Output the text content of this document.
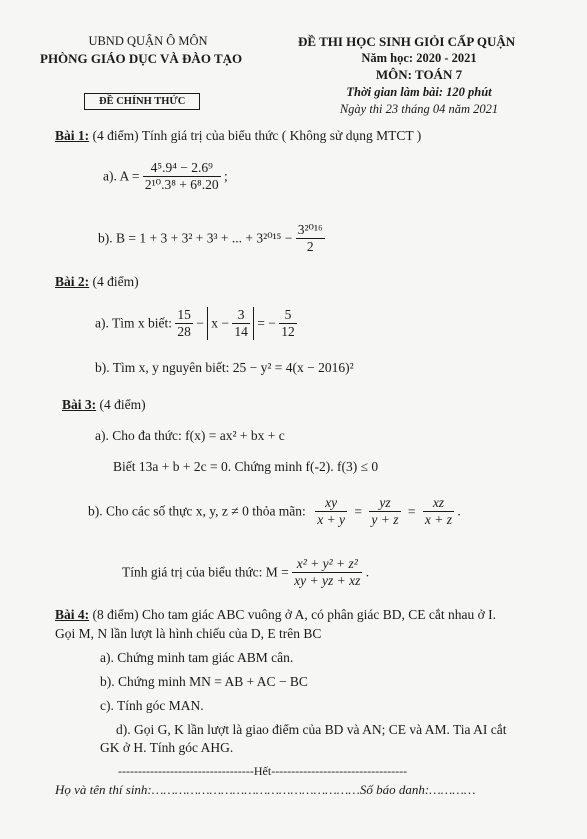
UBND QUẬN Ô MÔN
PHÒNG GIÁO DỤC VÀ ĐÀO TẠO
ĐỀ CHÍNH THỨC
ĐỀ THI HỌC SINH GIỎI CẤP QUẬN
Năm học: 2020 - 2021
MÔN: TOÁN 7
Thời gian làm bài: 120 phút
Ngày thi 23 tháng 04 năm 2021
Bài 1: (4 điểm) Tính giá trị của biểu thức ( Không sử dụng MTCT )
a). $A = \frac{\text{4⁵.9⁴ − 2.6⁹}}{\text{2¹⁰.3⁸ + 6⁸.20}}$ ;
b). B = 1 + 3 + 3² + 3³ + ... + $3^{2015} - \frac{\text{3²⁰¹⁶}}{2}$
Bài 2: (4 điểm)
a). Tìm x biết: $\frac{15}{28} - x - \frac{3}{14}$ = − $\frac{5}{12}$
b). Tìm x, y nguyên biết: 25 − y² = 4(x − 2016)²
Bài 3: (4 điểm)
a). Cho đa thức: f(x) = ax² + bx + c
Biết 13a + b + 2c = 0. Chứng minh f(-2). f(3) ≤ 0
b). Cho các số thực x, y, z ≠ 0 thỏa mãn: $\frac{xy}{x + y} = \frac{yz}{y + z} = \frac{xz}{x + z}$ .
Tính giá trị của biểu thức: $M = \frac{\text{x² + y² + z²}}{xy + yz + xz}$ .
Bài 4: (8 điểm) Cho tam giác ABC vuông ở A, có phân giác BD, CE cắt nhau ở I.
Gọi M, N lần lượt là hình chiếu của D, E trên BC
a). Chứng minh tam giác ABM cân.
b). Chứng minh MN = AB + AC − BC
c). Tính góc MAN.
d). Gọi G, K lần lượt là giao điểm của BD và AN; CE và AM. Tia AI cắt
GK ở H. Tính góc AHG.
----------------------------------Hết----------------------------------
Họ và tên thí sinh:………………………………………………Số báo danh:…………
